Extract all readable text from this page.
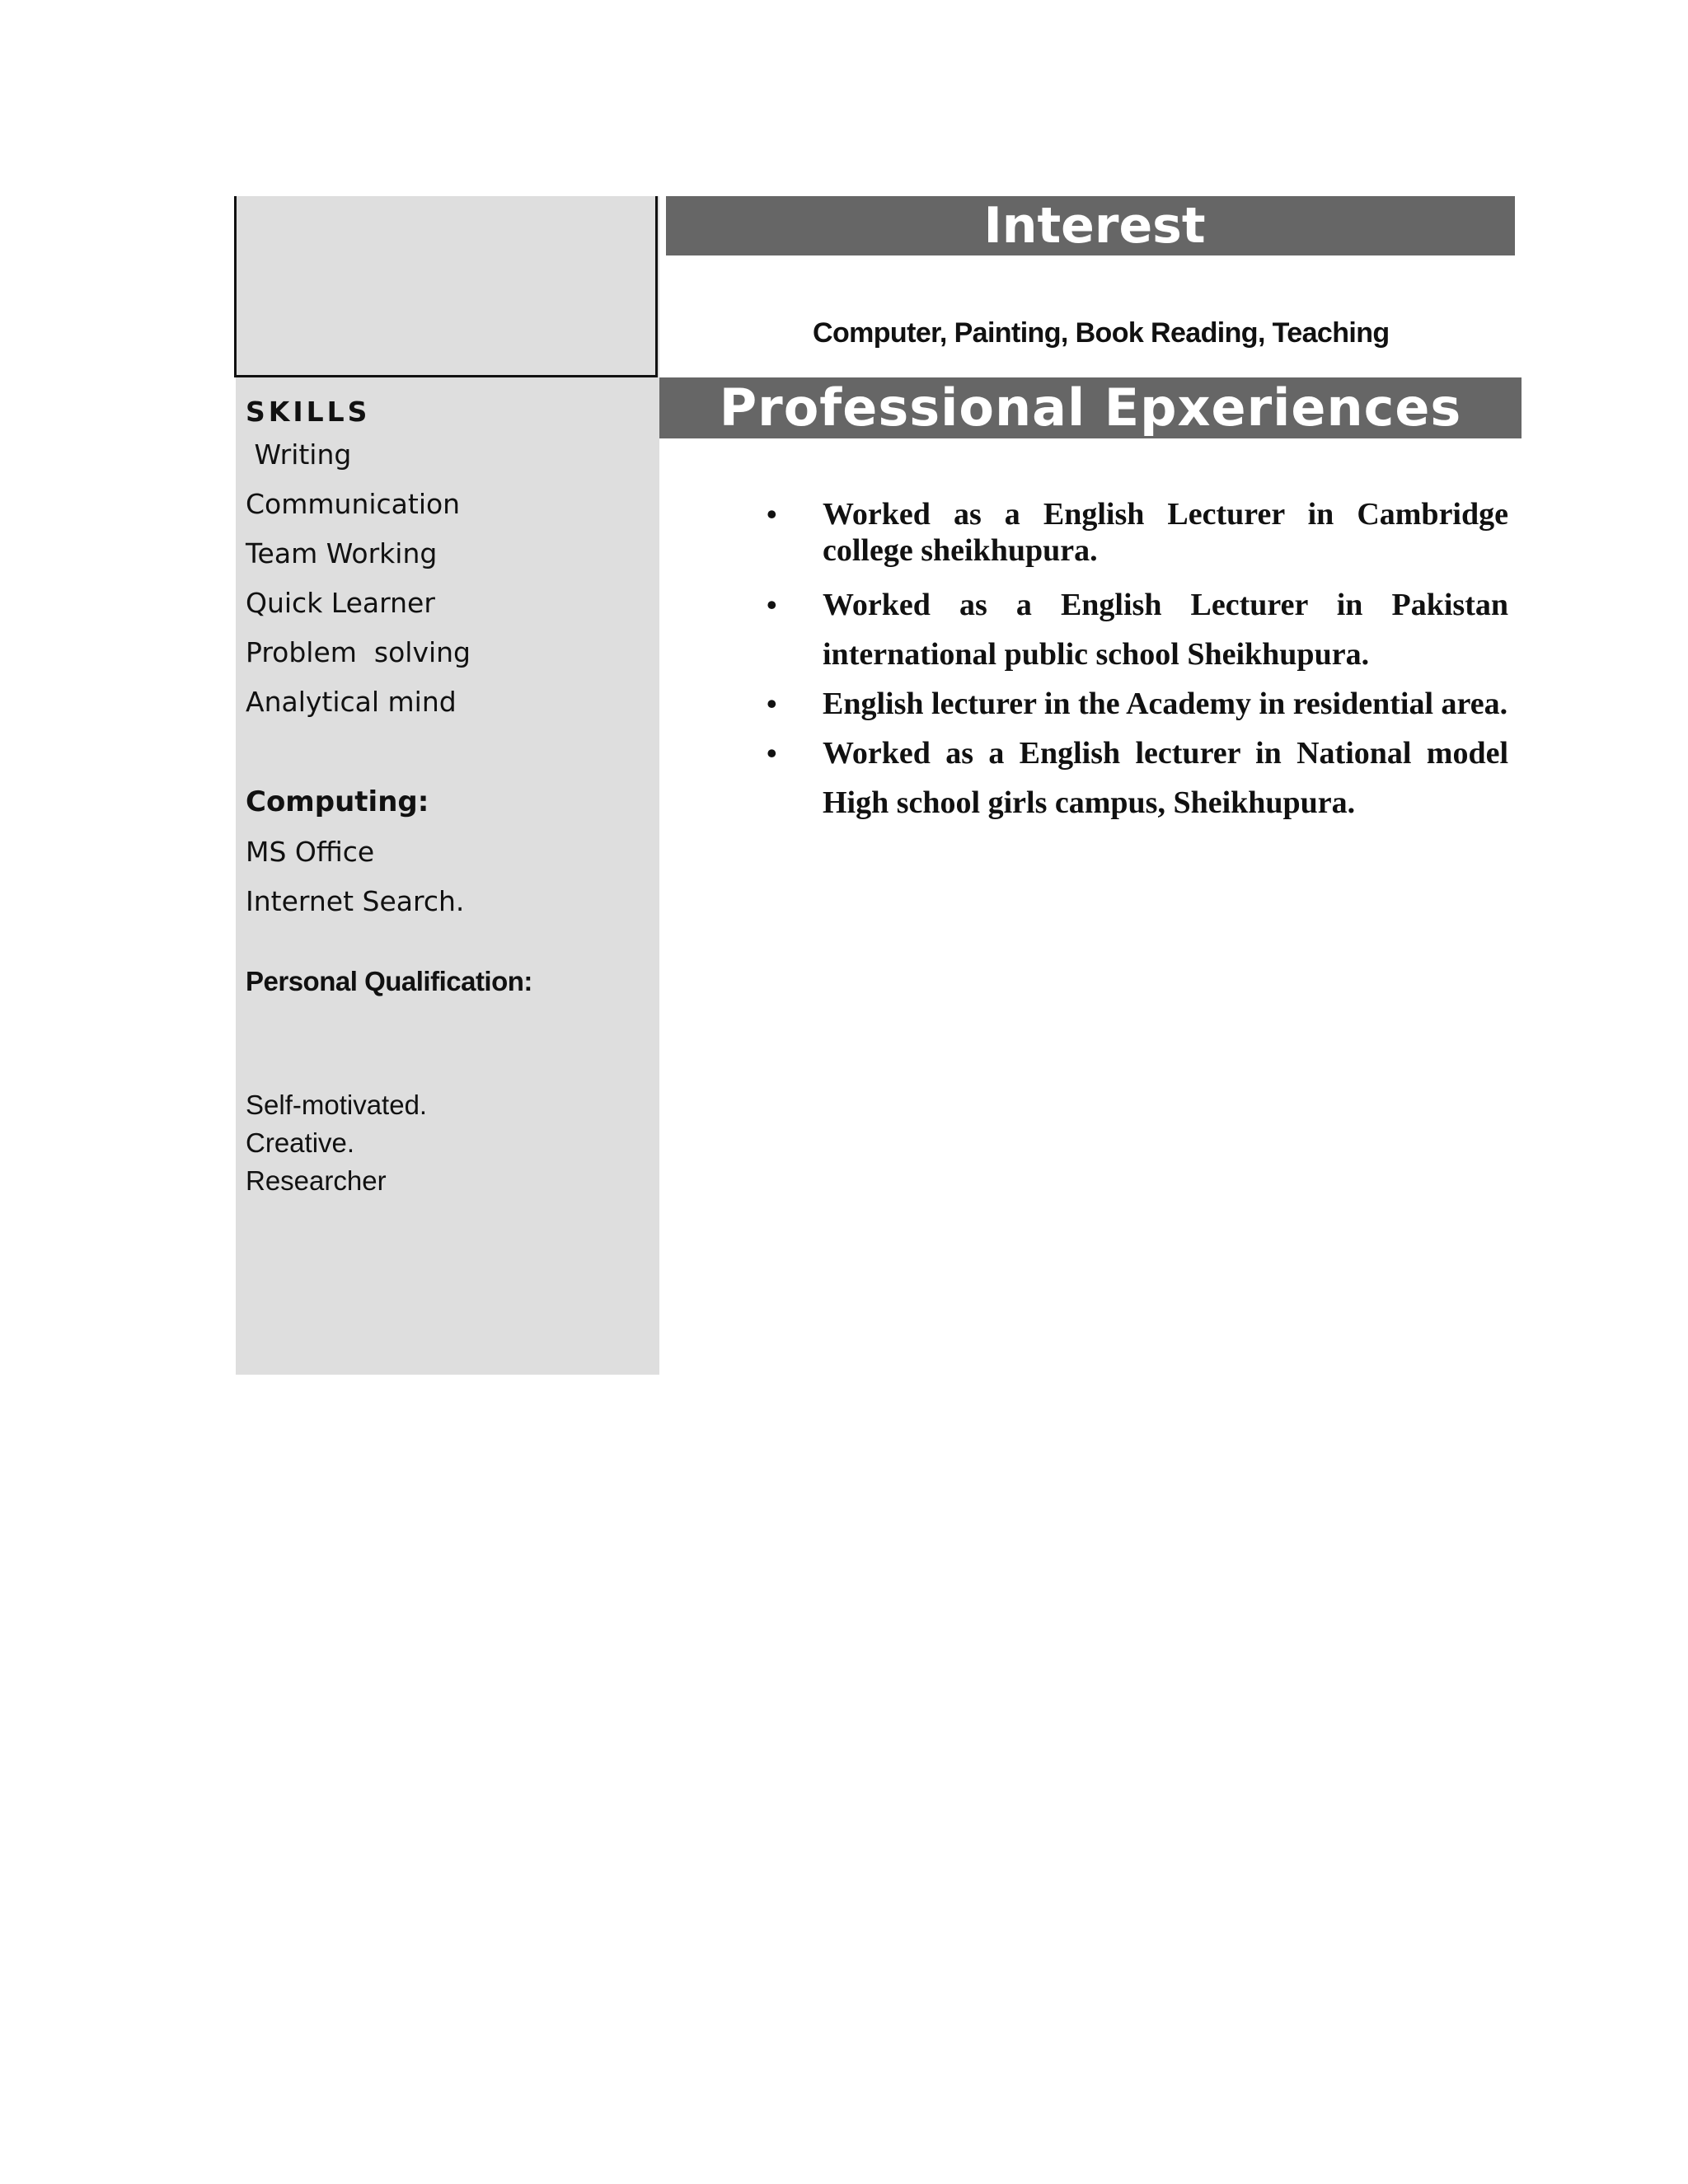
SKILLS

Writing

Communication

Team Working

Quick Learner

Problem  solving

Analytical mind

Computing:

MS Office

Internet Search.

Personal Qualification:

Self-motivated.

Creative.

Researcher

Interest

Computer, Painting, Book Reading, Teaching

Professional Epxeriences
• Worked as a English Lecturer in Cambridge college sheikhupura.
• Worked as a English Lecturer in Pakistan international public school Sheikhupura.
• English lecturer in the Academy in residential area.
• Worked as a English lecturer in National model High school girls campus, Sheikhupura.
